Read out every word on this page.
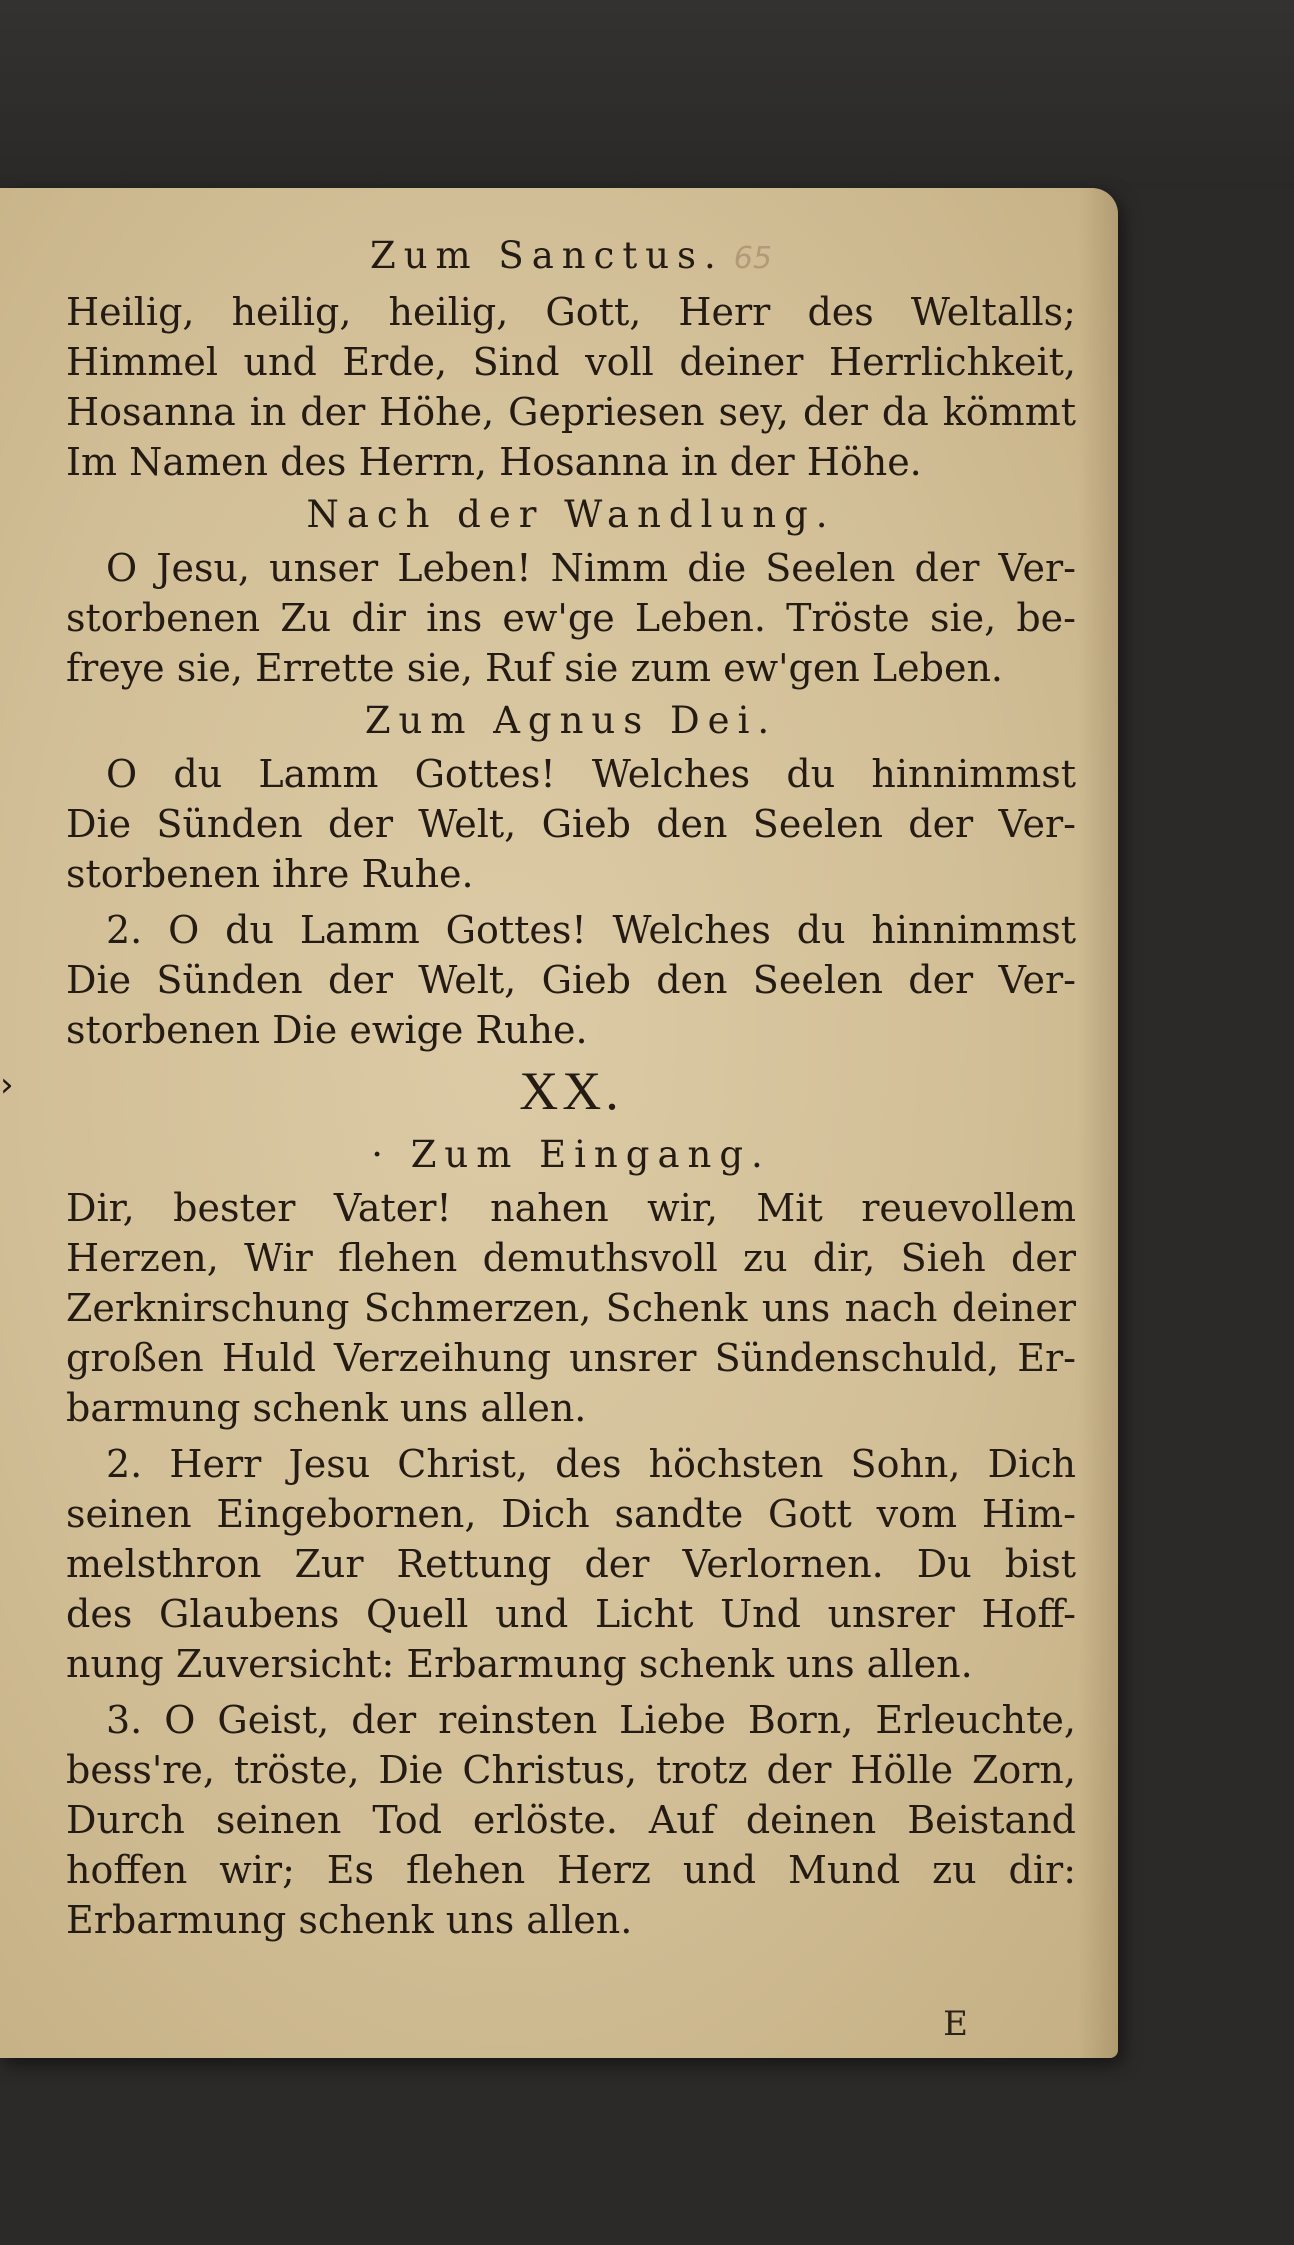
Zum Sanctus. 65
Heilig, heilig, heilig, Gott, Herr des Weltalls;
Himmel und Erde, Sind voll deiner Herrlichkeit,
Hosanna in der Höhe, Gepriesen sey, der da kömmt
Im Namen des Herrn, Hosanna in der Höhe.
Nach der Wandlung.
O Jesu, unser Leben! Nimm die Seelen der Ver-
storbenen Zu dir ins ew'ge Leben. Tröste sie, be-
freye sie, Errette sie, Ruf sie zum ew'gen Leben.
Zum Agnus Dei.
O du Lamm Gottes! Welches du hinnimmst
Die Sünden der Welt, Gieb den Seelen der Ver-
storbenen ihre Ruhe.
2. O du Lamm Gottes! Welches du hinnimmst
Die Sünden der Welt, Gieb den Seelen der Ver-
storbenen Die ewige Ruhe.
XX.
· Zum Eingang.
Dir, bester Vater! nahen wir, Mit reuevollem
Herzen, Wir flehen demuthsvoll zu dir, Sieh der
Zerknirschung Schmerzen, Schenk uns nach deiner
großen Huld Verzeihung unsrer Sündenschuld, Er-
barmung schenk uns allen.
2. Herr Jesu Christ, des höchsten Sohn, Dich
seinen Eingebornen, Dich sandte Gott vom Him-
melsthron Zur Rettung der Verlornen. Du bist
des Glaubens Quell und Licht Und unsrer Hoff-
nung Zuversicht: Erbarmung schenk uns allen.
3. O Geist, der reinsten Liebe Born, Erleuchte,
bess're, tröste, Die Christus, trotz der Hölle Zorn,
Durch seinen Tod erlöste. Auf deinen Beistand
hoffen wir; Es flehen Herz und Mund zu dir:
Erbarmung schenk uns allen.
E
›
